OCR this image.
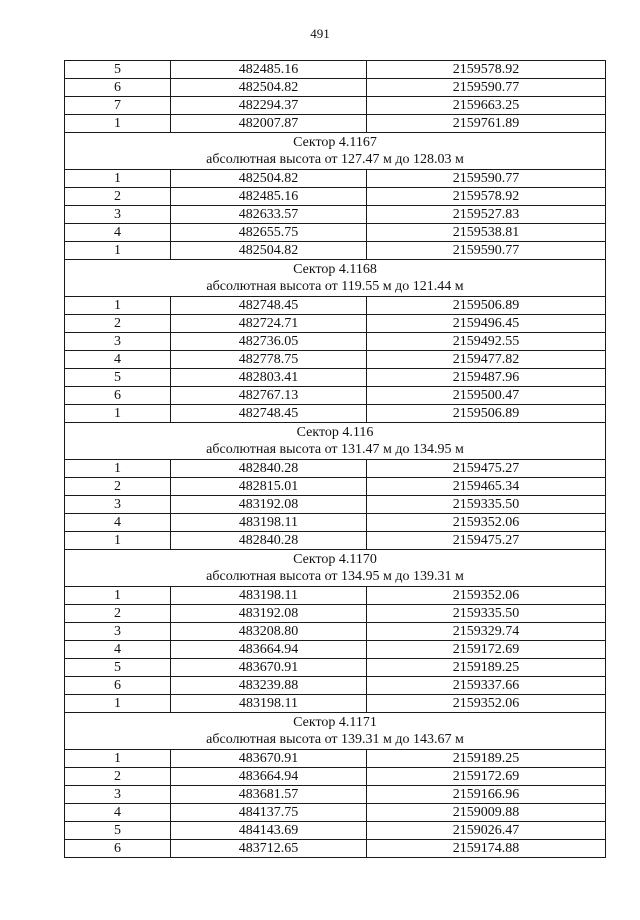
491
5	482485.16	2159578.92
6	482504.82	2159590.77
7	482294.37	2159663.25
1	482007.87	2159761.89

Сектор 4.1167
абсолютная высота от 127.47 м до 128.03 м		

1	482504.82	2159590.77
2	482485.16	2159578.92
3	482633.57	2159527.83
4	482655.75	2159538.81
1	482504.82	2159590.77

Сектор 4.1168
абсолютная высота от 119.55 м до 121.44 м		

1	482748.45	2159506.89
2	482724.71	2159496.45
3	482736.05	2159492.55
4	482778.75	2159477.82
5	482803.41	2159487.96
6	482767.13	2159500.47
1	482748.45	2159506.89

Сектор 4.116
абсолютная высота от 131.47 м до 134.95 м		

1	482840.28	2159475.27
2	482815.01	2159465.34
3	483192.08	2159335.50
4	483198.11	2159352.06
1	482840.28	2159475.27

Сектор 4.1170
абсолютная высота от 134.95 м до 139.31 м		

1	483198.11	2159352.06
2	483192.08	2159335.50
3	483208.80	2159329.74
4	483664.94	2159172.69
5	483670.91	2159189.25
6	483239.88	2159337.66
1	483198.11	2159352.06

Сектор 4.1171
абсолютная высота от 139.31 м до 143.67 м		

1	483670.91	2159189.25
2	483664.94	2159172.69
3	483681.57	2159166.96
4	484137.75	2159009.88
5	484143.69	2159026.47
6	483712.65	2159174.88
